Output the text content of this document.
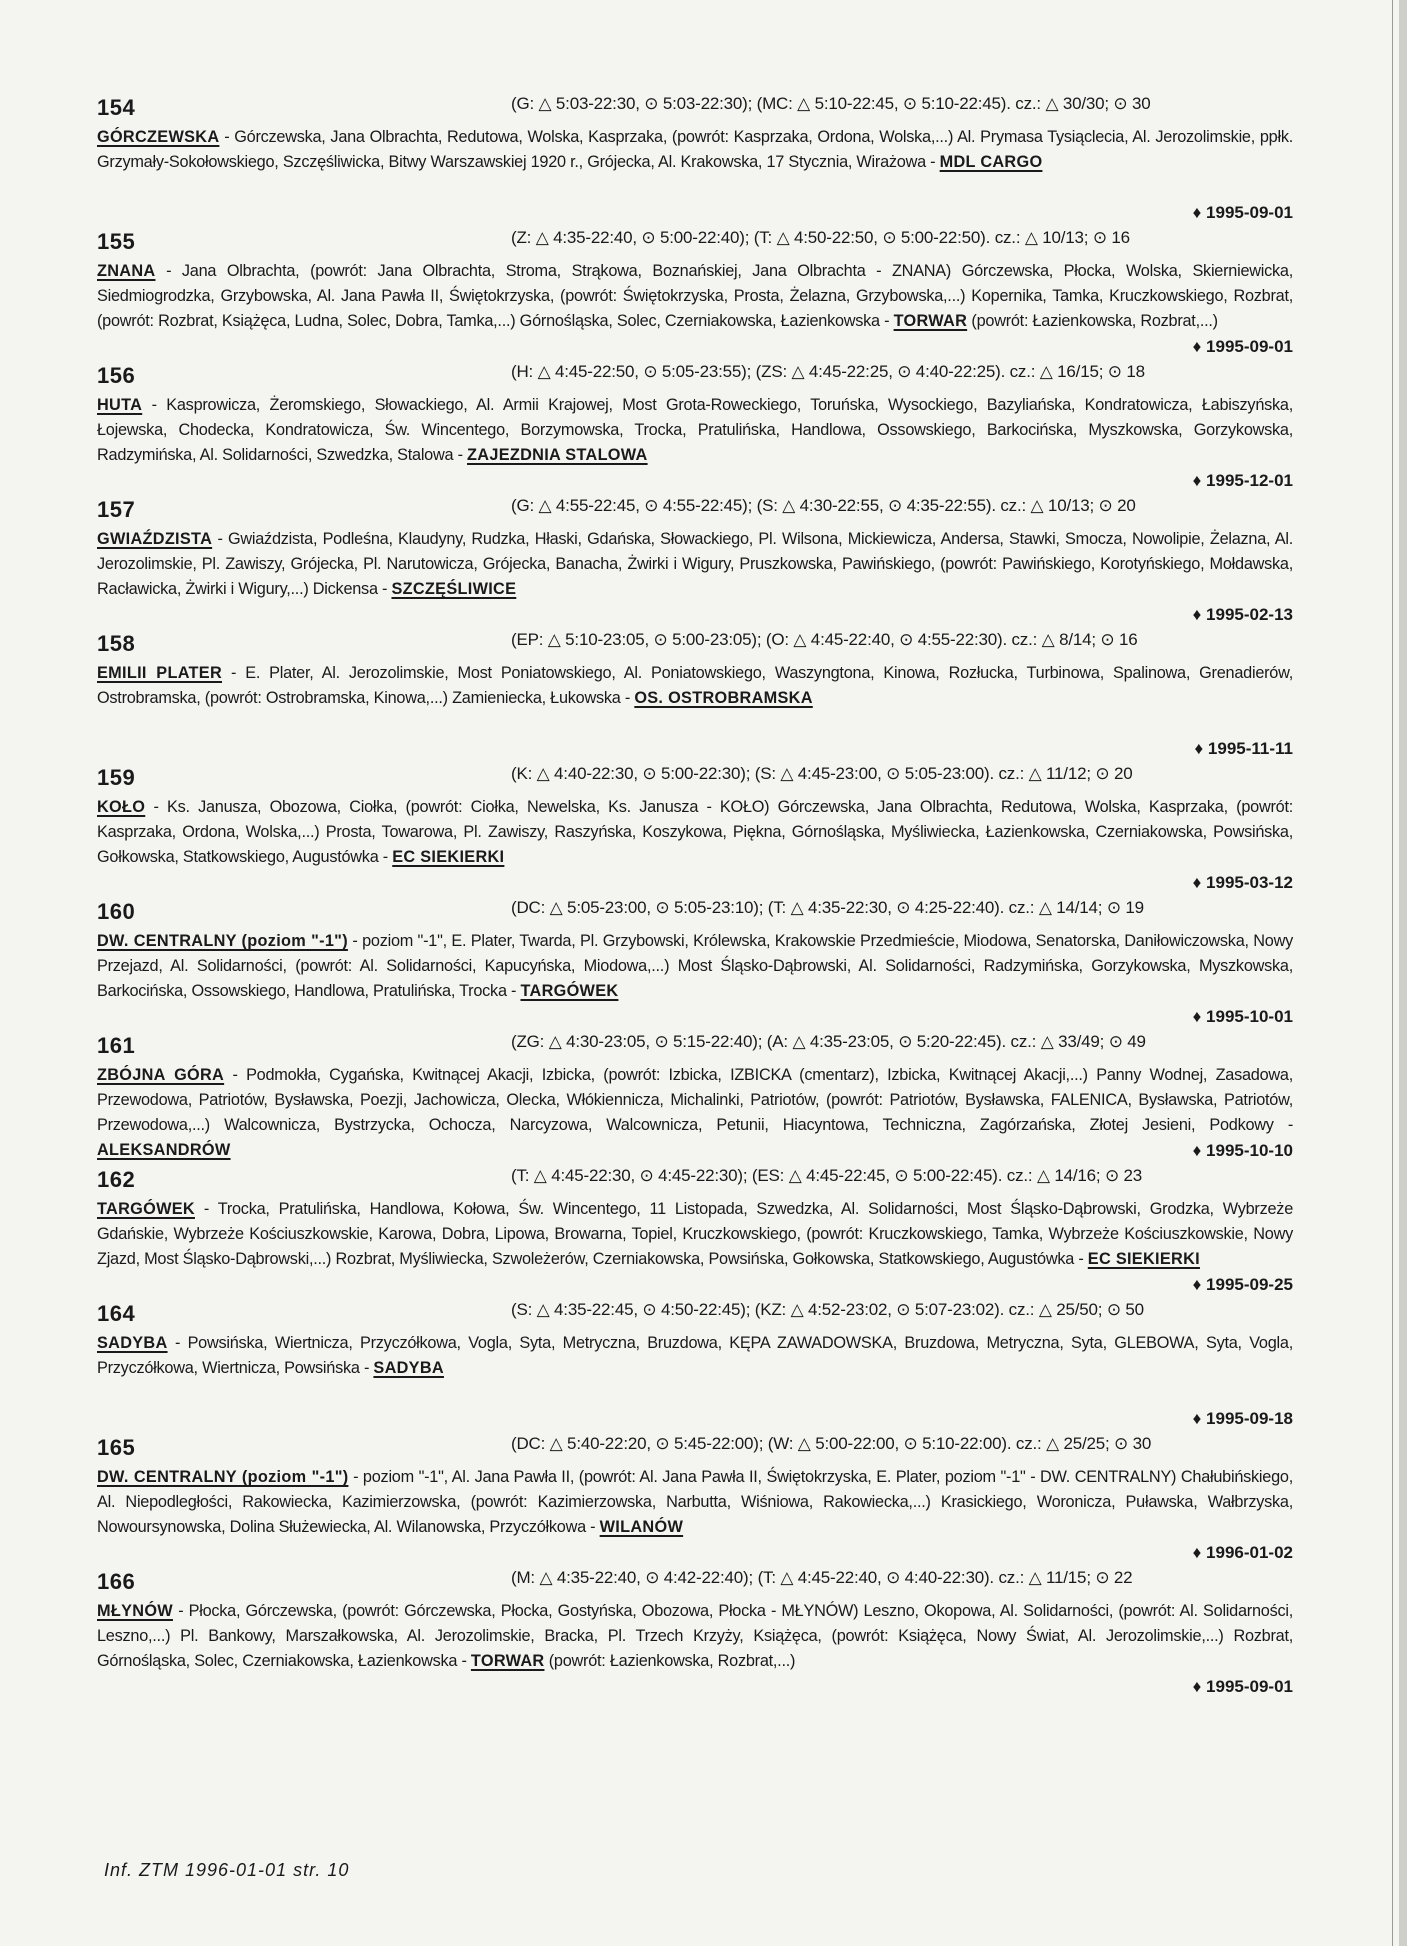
154	(G: △ 5:03-22:30, ⊙ 5:03-22:30); (MC: △ 5:10-22:45, ⊙ 5:10-22:45). cz.: △ 30/30; ⊙ 30
GÓRCZEWSKA - Górczewska, Jana Olbrachta, Redutowa, Wolska, Kasprzaka, (powrót: Kasprzaka, Ordona, Wolska,...) Al. Prymasa Tysiąclecia, Al. Jerozolimskie, ppłk. Grzymały-Sokołowskiego, Szczęśliwicka, Bitwy Warszawskiej 1920 r., Grójecka, Al. Krakowska, 17 Stycznia, Wirażowa - MDL CARGO
♦ 1995-09-01
155	(Z: △ 4:35-22:40, ⊙ 5:00-22:40); (T: △ 4:50-22:50, ⊙ 5:00-22:50). cz.: △ 10/13; ⊙ 16
ZNANA - Jana Olbrachta, (powrót: Jana Olbrachta, Stroma, Strąkowa, Boznańskiej, Jana Olbrachta - ZNANA) Górczewska, Płocka, Wolska, Skierniewicka, Siedmiogrodzka, Grzybowska, Al. Jana Pawła II, Świętokrzyska, (powrót: Świętokrzyska, Prosta, Żelazna, Grzybowska,...) Kopernika, Tamka, Kruczkowskiego, Rozbrat, (powrót: Rozbrat, Książęca, Ludna, Solec, Dobra, Tamka,...) Górnośląska, Solec, Czerniakowska, Łazienkowska - TORWAR (powrót: Łazienkowska, Rozbrat,...)
♦ 1995-09-01
156	(H: △ 4:45-22:50, ⊙ 5:05-23:55); (ZS: △ 4:45-22:25, ⊙ 4:40-22:25). cz.: △ 16/15; ⊙ 18
HUTA - Kasprowicza, Żeromskiego, Słowackiego, Al. Armii Krajowej, Most Grota-Roweckiego, Toruńska, Wysockiego, Bazyliańska, Kondratowicza, Łabiszyńska, Łojewska, Chodecka, Kondratowicza, Św. Wincentego, Borzymowska, Trocka, Pratulińska, Handlowa, Ossowskiego, Barkocińska, Myszkowska, Gorzykowska, Radzymińska, Al. Solidarności, Szwedzka, Stalowa - ZAJEZDNIA STALOWA
♦ 1995-12-01
157	(G: △ 4:55-22:45, ⊙ 4:55-22:45); (S: △ 4:30-22:55, ⊙ 4:35-22:55). cz.: △ 10/13; ⊙ 20
GWIAŹDZISTA - Gwiaździsta, Podleśna, Klaudyny, Rudzka, Hłaski, Gdańska, Słowackiego, Pl. Wilsona, Mickiewicza, Andersa, Stawki, Smocza, Nowolipie, Żelazna, Al. Jerozolimskie, Pl. Zawiszy, Grójecka, Pl. Narutowicza, Grójecka, Banacha, Żwirki i Wigury, Pruszkowska, Pawińskiego, (powrót: Pawińskiego, Korotyńskiego, Mołdawska, Racławicka, Żwirki i Wigury,...) Dickensa - SZCZĘŚLIWICE
♦ 1995-02-13
158	(EP: △ 5:10-23:05, ⊙ 5:00-23:05); (O: △ 4:45-22:40, ⊙ 4:55-22:30). cz.: △ 8/14; ⊙ 16
EMILII PLATER - E. Plater, Al. Jerozolimskie, Most Poniatowskiego, Al. Poniatowskiego, Waszyngtona, Kinowa, Rozłucka, Turbinowa, Spalinowa, Grenadierów, Ostrobramska, (powrót: Ostrobramska, Kinowa,...) Zamieniecka, Łukowska - OS. OSTROBRAMSKA
♦ 1995-11-11
159	(K: △ 4:40-22:30, ⊙ 5:00-22:30); (S: △ 4:45-23:00, ⊙ 5:05-23:00). cz.: △ 11/12; ⊙ 20
KOŁO - Ks. Janusza, Obozowa, Ciołka, (powrót: Ciołka, Newelska, Ks. Janusza - KOŁO) Górczewska, Jana Olbrachta, Redutowa, Wolska, Kasprzaka, (powrót: Kasprzaka, Ordona, Wolska,...) Prosta, Towarowa, Pl. Zawiszy, Raszyńska, Koszykowa, Piękna, Górnośląska, Myśliwiecka, Łazienkowska, Czerniakowska, Powsińska, Gołkowska, Statkowskiego, Augustówka - EC SIEKIERKI
♦ 1995-03-12
160	(DC: △ 5:05-23:00, ⊙ 5:05-23:10); (T: △ 4:35-22:30, ⊙ 4:25-22:40). cz.: △ 14/14; ⊙ 19
DW. CENTRALNY (poziom "-1") - poziom "-1", E. Plater, Twarda, Pl. Grzybowski, Królewska, Krakowskie Przedmieście, Miodowa, Senatorska, Daniłowiczowska, Nowy Przejazd, Al. Solidarności, (powrót: Al. Solidarności, Kapucyńska, Miodowa,...) Most Śląsko-Dąbrowski, Al. Solidarności, Radzymińska, Gorzykowska, Myszkowska, Barkocińska, Ossowskiego, Handlowa, Pratulińska, Trocka - TARGÓWEK
♦ 1995-10-01
161	(ZG: △ 4:30-23:05, ⊙ 5:15-22:40); (A: △ 4:35-23:05, ⊙ 5:20-22:45). cz.: △ 33/49; ⊙ 49
ZBÓJNA GÓRA - Podmokła, Cygańska, Kwitnącej Akacji, Izbicka, (powrót: Izbicka, IZBICKA (cmentarz), Izbicka, Kwitnącej Akacji,...) Panny Wodnej, Zasadowa, Przewodowa, Patriotów, Bysławska, Poezji, Jachowicza, Olecka, Włókiennicza, Michalinki, Patriotów, (powrót: Patriotów, Bysławska, FALENICA, Bysławska, Patriotów, Przewodowa,...) Walcownicza, Bystrzycka, Ochocza, Narcyzowa, Walcownicza, Petunii, Hiacyntowa, Techniczna, Zagórzańska, Złotej Jesieni, Podkowy - ALEKSANDRÓW	♦ 1995-10-10
162	(T: △ 4:45-22:30, ⊙ 4:45-22:30); (ES: △ 4:45-22:45, ⊙ 5:00-22:45). cz.: △ 14/16; ⊙ 23
TARGÓWEK - Trocka, Pratulińska, Handlowa, Kołowa, Św. Wincentego, 11 Listopada, Szwedzka, Al. Solidarności, Most Śląsko-Dąbrowski, Grodzka, Wybrzeże Gdańskie, Wybrzeże Kościuszkowskie, Karowa, Dobra, Lipowa, Browarna, Topiel, Kruczkowskiego, (powrót: Kruczkowskiego, Tamka, Wybrzeże Kościuszkowskie, Nowy Zjazd, Most Śląsko-Dąbrowski,...) Rozbrat, Myśliwiecka, Szwoleżerów, Czerniakowska, Powsińska, Gołkowska, Statkowskiego, Augustówka - EC SIEKIERKI
♦ 1995-09-25
164	(S: △ 4:35-22:45, ⊙ 4:50-22:45); (KZ: △ 4:52-23:02, ⊙ 5:07-23:02). cz.: △ 25/50; ⊙ 50
SADYBA - Powsińska, Wiertnicza, Przyczółkowa, Vogla, Syta, Metryczna, Bruzdowa, KĘPA ZAWADOWSKA, Bruzdowa, Metryczna, Syta, GLEBOWA, Syta, Vogla, Przyczółkowa, Wiertnicza, Powsińska - SADYBA
♦ 1995-09-18
165	(DC: △ 5:40-22:20, ⊙ 5:45-22:00); (W: △ 5:00-22:00, ⊙ 5:10-22:00). cz.: △ 25/25; ⊙ 30
DW. CENTRALNY (poziom "-1") - poziom "-1", Al. Jana Pawła II, (powrót: Al. Jana Pawła II, Świętokrzyska, E. Plater, poziom "-1" - DW. CENTRALNY) Chałubińskiego, Al. Niepodległości, Rakowiecka, Kazimierzowska, (powrót: Kazimierzowska, Narbutta, Wiśniowa, Rakowiecka,...) Krasickiego, Woronicza, Puławska, Wałbrzyska, Nowoursynowska, Dolina Służewiecka, Al. Wilanowska, Przyczółkowa - WILANÓW
♦ 1996-01-02
166	(M: △ 4:35-22:40, ⊙ 4:42-22:40); (T: △ 4:45-22:40, ⊙ 4:40-22:30). cz.: △ 11/15; ⊙ 22
MŁYNÓW - Płocka, Górczewska, (powrót: Górczewska, Płocka, Gostyńska, Obozowa, Płocka - MŁYNÓW) Leszno, Okopowa, Al. Solidarności, (powrót: Al. Solidarności, Leszno,...) Pl. Bankowy, Marszałkowska, Al. Jerozolimskie, Bracka, Pl. Trzech Krzyży, Książęca, (powrót: Książęca, Nowy Świat, Al. Jerozolimskie,...) Rozbrat, Górnośląska, Solec, Czerniakowska, Łazienkowska - TORWAR (powrót: Łazienkowska, Rozbrat,...)
♦ 1995-09-01
Inf. ZTM 1996-01-01 str. 10
